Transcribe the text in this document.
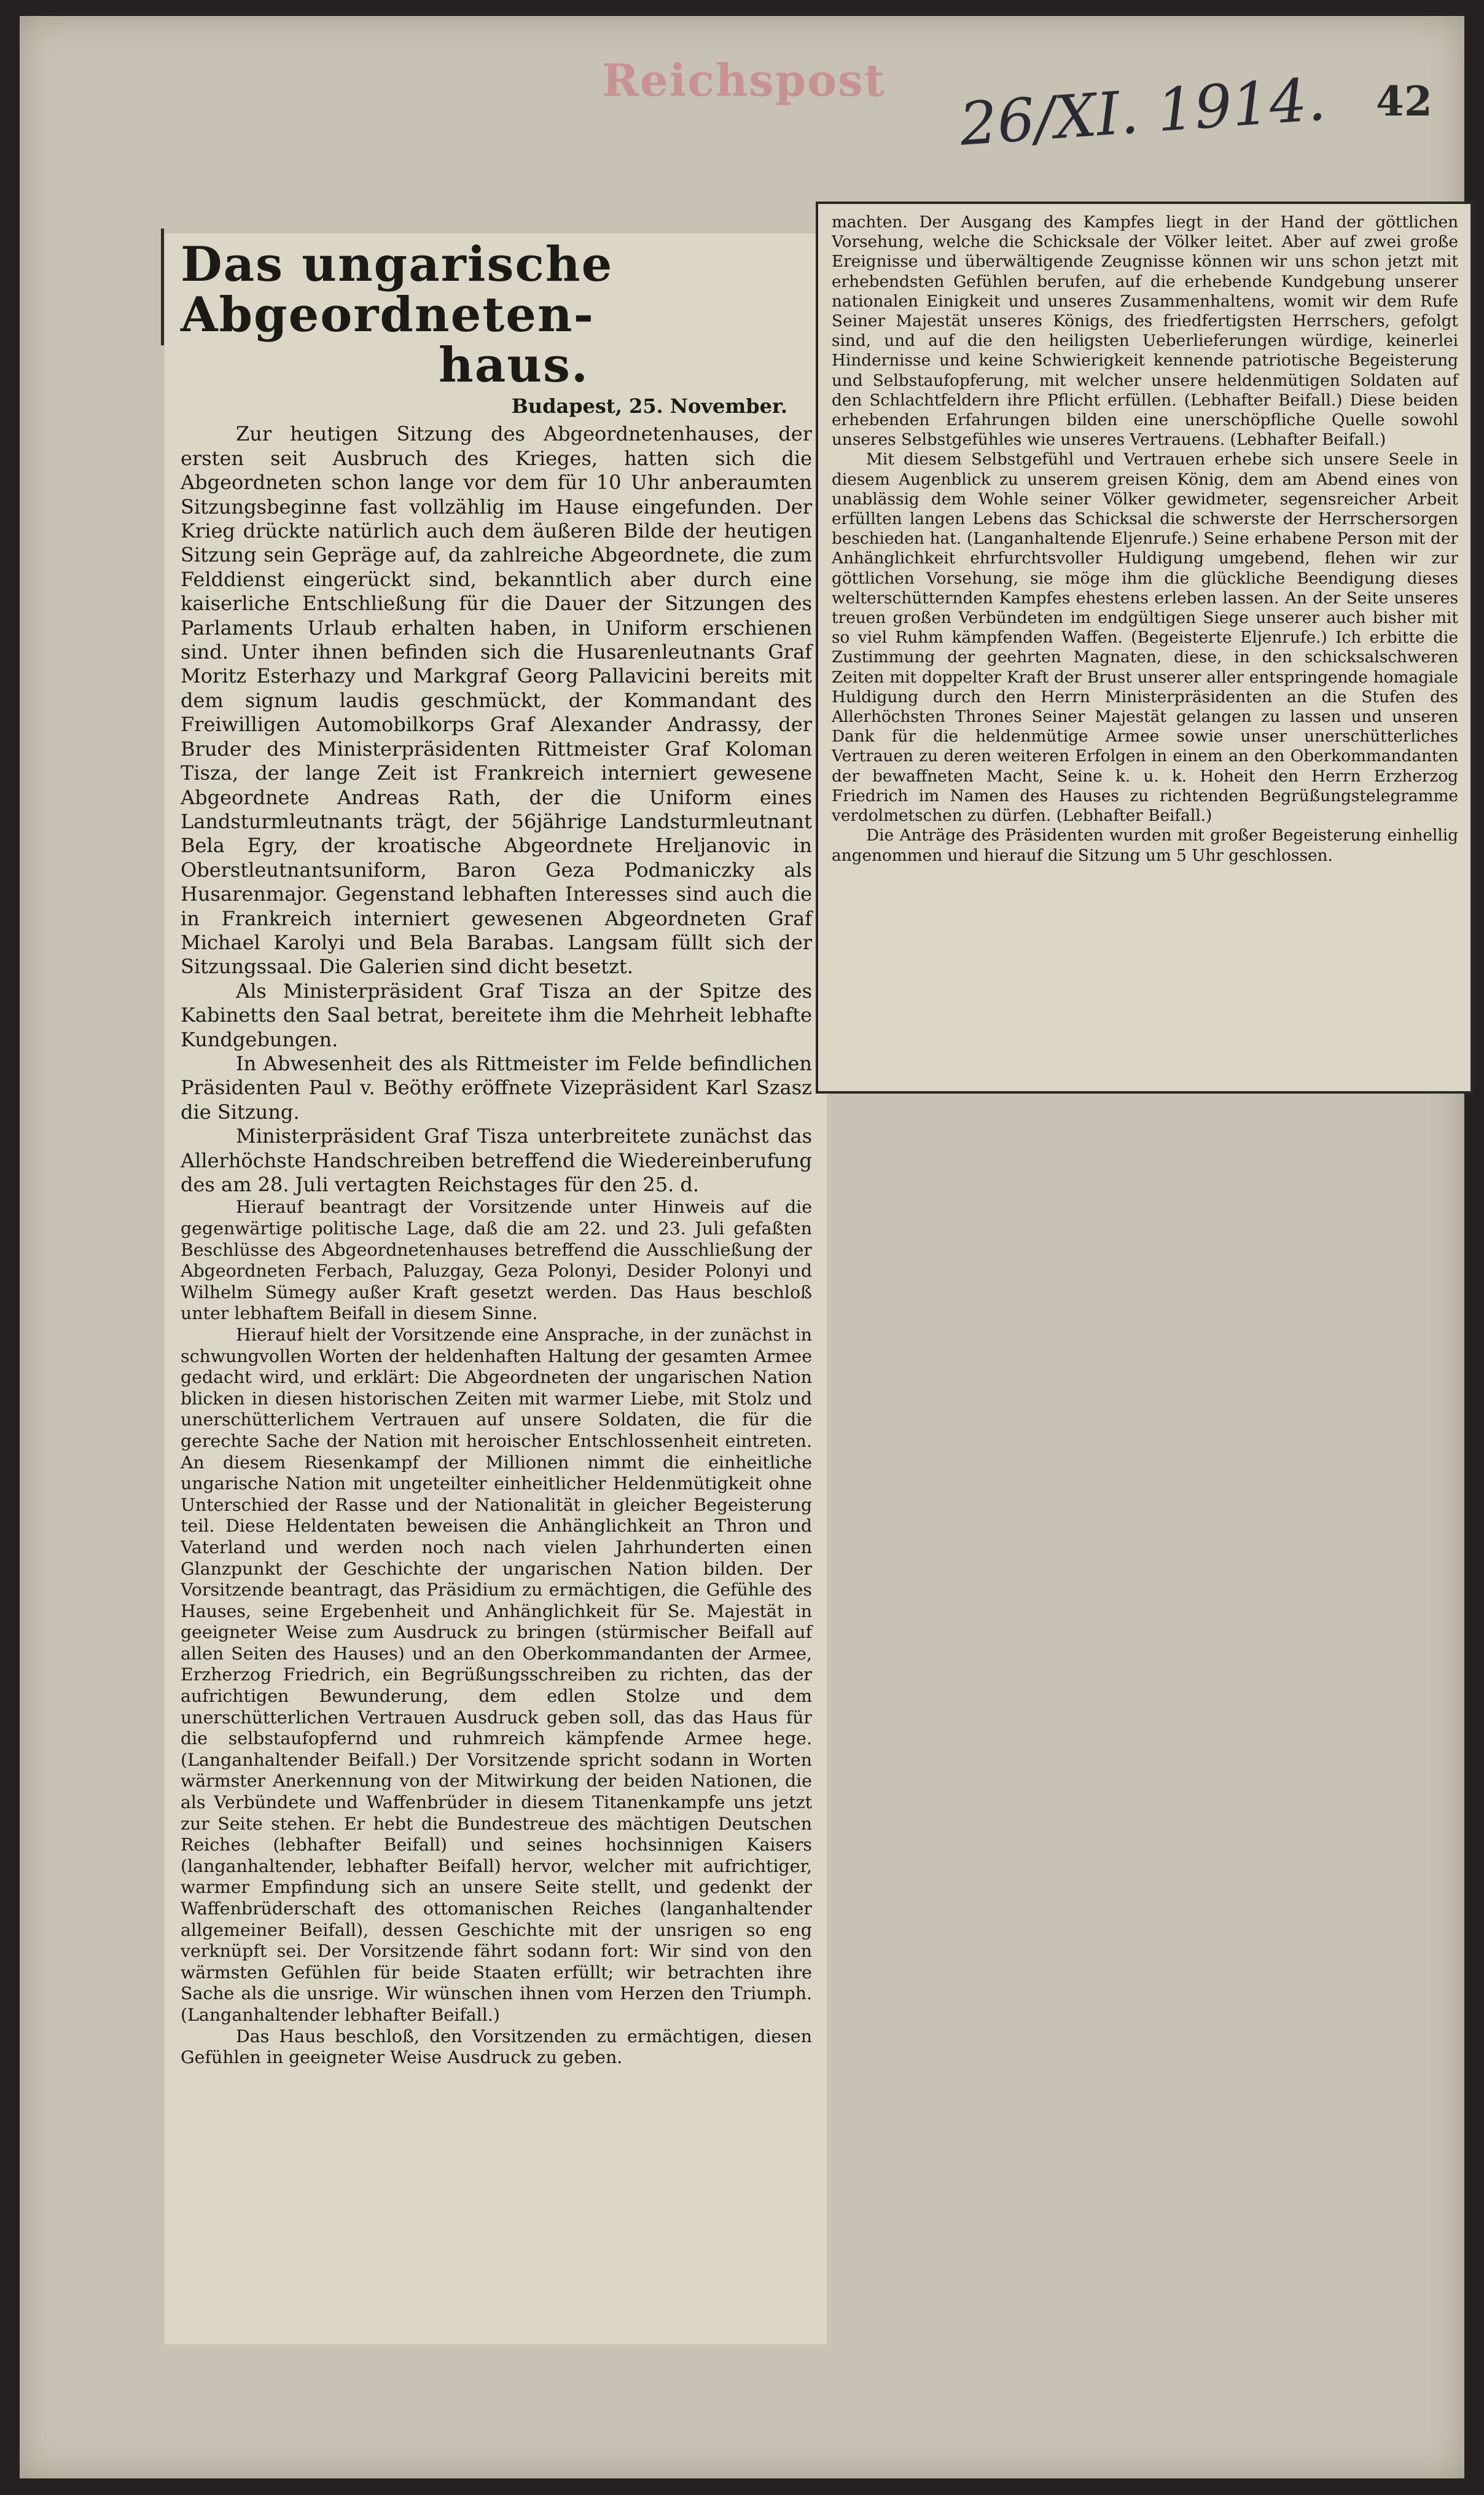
Reichspost 26/XI. 1914. 42
Das ungarische Abgeordneten-
haus.
Budapest, 25. November.

Zur heutigen Sitzung des Abgeordnetenhauses, der ersten seit Ausbruch des Krieges, hatten sich die Abgeordneten schon lange vor dem für 10 Uhr anberaumten Sitzungsbeginne fast vollzählig im Hause eingefunden. Der Krieg drückte natürlich auch dem äußeren Bilde der heutigen Sitzung sein Gepräge auf, da zahlreiche Abgeordnete, die zum Felddienst eingerückt sind, bekanntlich aber durch eine kaiserliche Entschließung für die Dauer der Sitzungen des Parlaments Urlaub erhalten haben, in Uniform erschienen sind. Unter ihnen befinden sich die Husarenleutnants Graf Moritz Esterhazy und Markgraf Georg Pallavicini bereits mit dem signum laudis geschmückt, der Kommandant des Freiwilligen Automobilkorps Graf Alexander Andrassy, der Bruder des Ministerpräsidenten Rittmeister Graf Koloman Tisza, der lange Zeit ist Frankreich interniert gewesene Abgeordnete Andreas Rath, der die Uniform eines Landsturmleutnants trägt, der 56jährige Landsturmleutnant Bela Egry, der kroatische Abgeordnete Hreljanovic in Oberstleutnantsuniform, Baron Geza Podmaniczky als Husarenmajor. Gegenstand lebhaften Interesses sind auch die in Frankreich interniert gewesenen Abgeordneten Graf Michael Karolyi und Bela Barabas. Langsam füllt sich der Sitzungssaal. Die Galerien sind dicht besetzt.

Als Ministerpräsident Graf Tisza an der Spitze des Kabinetts den Saal betrat, bereitete ihm die Mehrheit lebhafte Kundgebungen.

In Abwesenheit des als Rittmeister im Felde befindlichen Präsidenten Paul v. Beöthy eröffnete Vizepräsident Karl Szasz die Sitzung.

Ministerpräsident Graf Tisza unterbreitete zunächst das Allerhöchste Handschreiben betreffend die Wiedereinberufung des am 28. Juli vertagten Reichstages für den 25. d.

Hierauf beantragt der Vorsitzende unter Hinweis auf die gegenwärtige politische Lage, daß die am 22. und 23. Juli gefaßten Beschlüsse des Abgeordnetenhauses betreffend die Ausschließung der Abgeordneten Ferbach, Paluzgay, Geza Polonyi, Desider Polonyi und Wilhelm Sümegy außer Kraft gesetzt werden. Das Haus beschloß unter lebhaftem Beifall in diesem Sinne.

Hierauf hielt der Vorsitzende eine Ansprache, in der zunächst in schwungvollen Worten der heldenhaften Haltung der gesamten Armee gedacht wird, und erklärt: Die Abgeordneten der ungarischen Nation blicken in diesen historischen Zeiten mit warmer Liebe, mit Stolz und unerschütterlichem Vertrauen auf unsere Soldaten, die für die gerechte Sache der Nation mit heroischer Entschlossenheit eintreten. An diesem Riesenkampf der Millionen nimmt die einheitliche ungarische Nation mit ungeteilter einheitlicher Heldenmütigkeit ohne Unterschied der Rasse und der Nationalität in gleicher Begeisterung teil. Diese Heldentaten beweisen die Anhänglichkeit an Thron und Vaterland und werden noch nach vielen Jahrhunderten einen Glanzpunkt der Geschichte der ungarischen Nation bilden. Der Vorsitzende beantragt, das Präsidium zu ermächtigen, die Gefühle des Hauses, seine Ergebenheit und Anhänglichkeit für Se. Majestät in geeigneter Weise zum Ausdruck zu bringen (stürmischer Beifall auf allen Seiten des Hauses) und an den Oberkommandanten der Armee, Erzherzog Friedrich, ein Begrüßungsschreiben zu richten, das der aufrichtigen Bewunderung, dem edlen Stolze und dem unerschütterlichen Vertrauen Ausdruck geben soll, das das Haus für die selbstaufopfernd und ruhmreich kämpfende Armee hege. (Langanhaltender Beifall.) Der Vorsitzende spricht sodann in Worten wärmster Anerkennung von der Mitwirkung der beiden Nationen, die als Verbündete und Waffenbrüder in diesem Titanenkampfe uns jetzt zur Seite stehen. Er hebt die Bundestreue des mächtigen Deutschen Reiches (lebhafter Beifall) und seines hochsinnigen Kaisers (langanhaltender, lebhafter Beifall) hervor, welcher mit aufrichtiger, warmer Empfindung sich an unsere Seite stellt, und gedenkt der Waffenbrüderschaft des ottomanischen Reiches (langanhaltender allgemeiner Beifall), dessen Geschichte mit der unsrigen so eng verknüpft sei. Der Vorsitzende fährt sodann fort: Wir sind von den wärmsten Gefühlen für beide Staaten erfüllt; wir betrachten ihre Sache als die unsrige. Wir wünschen ihnen vom Herzen den Triumph. (Langanhaltender lebhafter Beifall.)

Das Haus beschloß, den Vorsitzenden zu ermächtigen, diesen Gefühlen in geeigneter Weise Ausdruck zu geben.

machten. Der Ausgang des Kampfes liegt in der Hand der göttlichen Vorsehung, welche die Schicksale der Völker leitet. Aber auf zwei große Ereignisse und überwältigende Zeugnisse können wir uns schon jetzt mit erhebendsten Gefühlen berufen, auf die erhebende Kundgebung unserer nationalen Einigkeit und unseres Zusammenhaltens, womit wir dem Rufe Seiner Majestät unseres Königs, des friedfertigsten Herrschers, gefolgt sind, und auf die den heiligsten Ueberlieferungen würdige, keinerlei Hindernisse und keine Schwierigkeit kennende patriotische Begeisterung und Selbstaufopferung, mit welcher unsere heldenmütigen Soldaten auf den Schlachtfeldern ihre Pflicht erfüllen. (Lebhafter Beifall.) Diese beiden erhebenden Erfahrungen bilden eine unerschöpfliche Quelle sowohl unseres Selbstgefühles wie unseres Vertrauens. (Lebhafter Beifall.)

Mit diesem Selbstgefühl und Vertrauen erhebe sich unsere Seele in diesem Augenblick zu unserem greisen König, dem am Abend eines von unablässig dem Wohle seiner Völker gewidmeter, segensreicher Arbeit erfüllten langen Lebens das Schicksal die schwerste der Herrschersorgen beschieden hat. (Langanhaltende Eljenrufe.) Seine erhabene Person mit der Anhänglichkeit ehrfurchtsvoller Huldigung umgebend, flehen wir zur göttlichen Vorsehung, sie möge ihm die glückliche Beendigung dieses welterschütternden Kampfes ehestens erleben lassen. An der Seite unseres treuen großen Verbündeten im endgültigen Siege unserer auch bisher mit so viel Ruhm kämpfenden Waffen. (Begeisterte Eljenrufe.) Ich erbitte die Zustimmung der geehrten Magnaten, diese, in den schicksalschweren Zeiten mit doppelter Kraft der Brust unserer aller entspringende homagiale Huldigung durch den Herrn Ministerpräsidenten an die Stufen des Allerhöchsten Thrones Seiner Majestät gelangen zu lassen und unseren Dank für die heldenmütige Armee sowie unser unerschütterliches Vertrauen zu deren weiteren Erfolgen in einem an den Oberkommandanten der bewaffneten Macht, Seine k. u. k. Hoheit den Herrn Erzherzog Friedrich im Namen des Hauses zu richtenden Begrüßungstelegramme verdolmetschen zu dürfen. (Lebhafter Beifall.)

Die Anträge des Präsidenten wurden mit großer Begeisterung einhellig angenommen und hierauf die Sitzung um 5 Uhr geschlossen.
